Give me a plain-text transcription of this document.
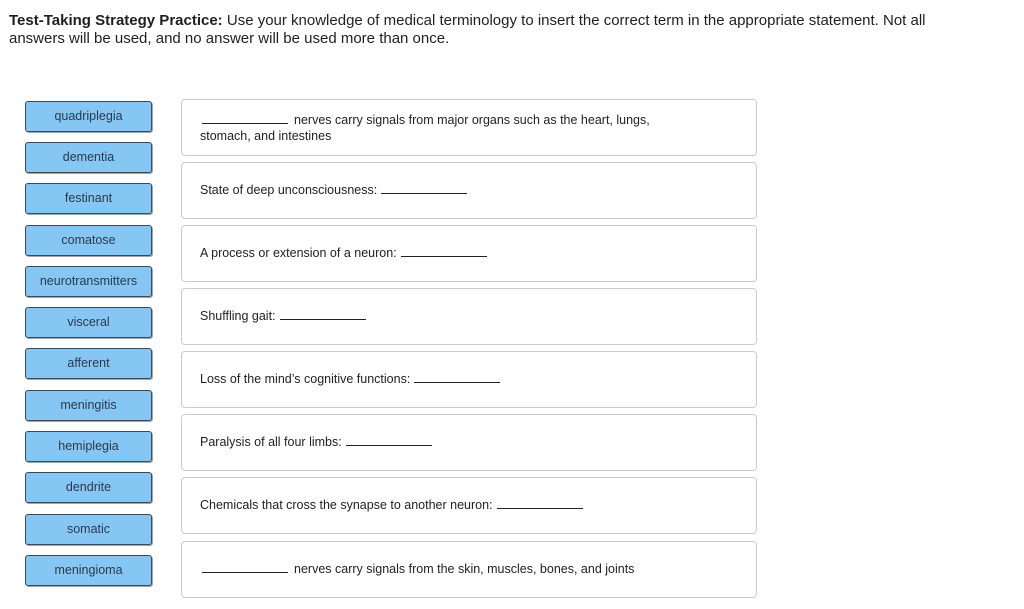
Test-Taking Strategy Practice: Use your knowledge of medical terminology to insert the correct term in the appropriate statement. Not all
answers will be used, and no answer will be used more than once.
quadriplegia
dementia
festinant
comatose
neurotransmitters
visceral
afferent
meningitis
hemiplegia
dendrite
somatic
meningioma
nerves carry signals from major organs such as the heart, lungs,
stomach, and intestines
State of deep unconsciousness:
A process or extension of a neuron:
Shuffling gait:
Loss of the mind’s cognitive functions:
Paralysis of all four limbs:
Chemicals that cross the synapse to another neuron:
nerves carry signals from the skin, muscles, bones, and joints
